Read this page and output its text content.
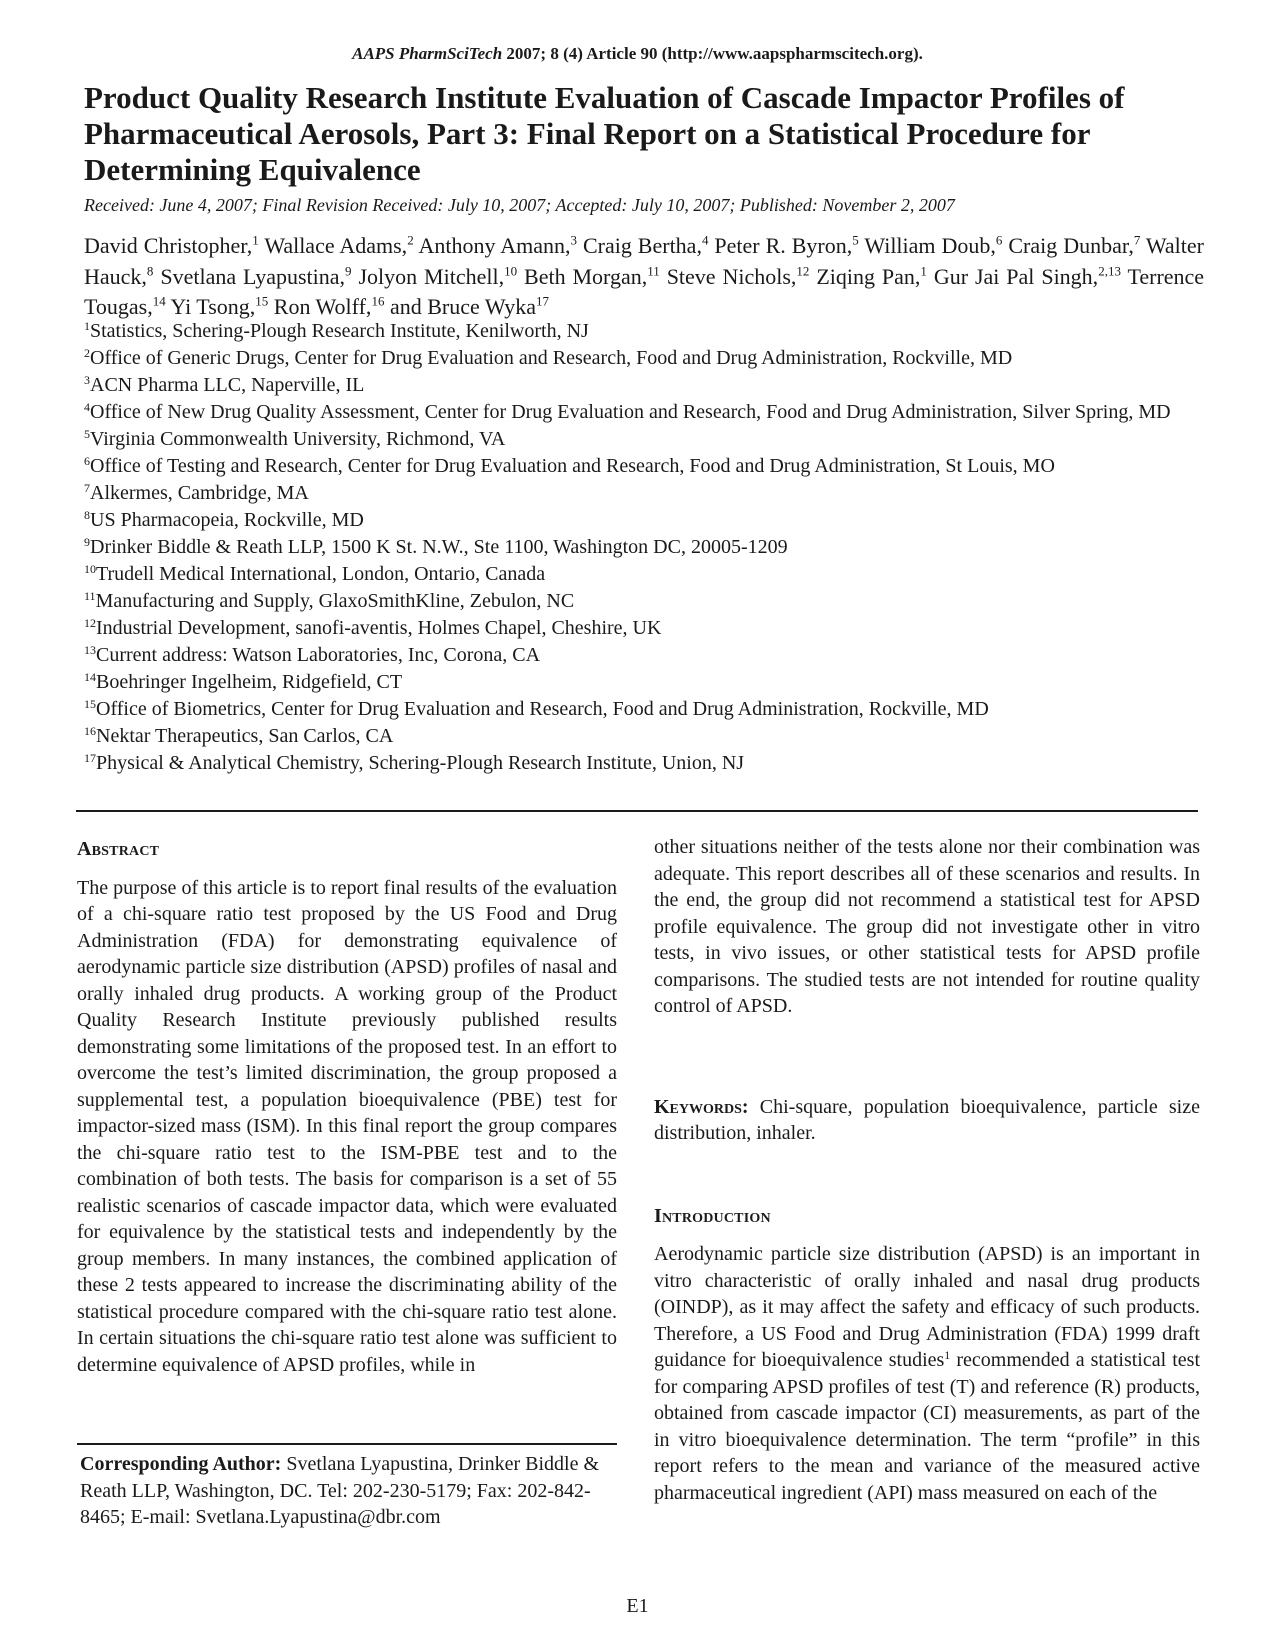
AAPS PharmSciTech 2007; 8 (4) Article 90 (http://www.aapspharmscitech.org).
Product Quality Research Institute Evaluation of Cascade Impactor Profiles of Pharmaceutical Aerosols, Part 3: Final Report on a Statistical Procedure for Determining Equivalence
Received: June 4, 2007; Final Revision Received: July 10, 2007; Accepted: July 10, 2007; Published: November 2, 2007
David Christopher,$^1$ Wallace Adams,$^2$ Anthony Amann,$^3$ Craig Bertha,$^4$ Peter R. Byron,$^5$ William Doub,$^6$ Craig Dunbar,$^7$ Walter Hauck,$^8$ Svetlana Lyapustina,$^9$ Jolyon Mitchell,$^{10}$ Beth Morgan,$^{11}$ Steve Nichols,$^{12}$ Ziqing Pan,$^1$ Gur Jai Pal Singh,$^{2,13}$ Terrence Tougas,$^{14}$ Yi Tsong,$^{15}$ Ron Wolff,$^{16}$ and Bruce Wyka$^{17}$
$^1$Statistics, Schering-Plough Research Institute, Kenilworth, NJ
$^2$Office of Generic Drugs, Center for Drug Evaluation and Research, Food and Drug Administration, Rockville, MD
$^3$ACN Pharma LLC, Naperville, IL
$^4$Office of New Drug Quality Assessment, Center for Drug Evaluation and Research, Food and Drug Administration, Silver Spring, MD
$^5$Virginia Commonwealth University, Richmond, VA
$^6$Office of Testing and Research, Center for Drug Evaluation and Research, Food and Drug Administration, St Louis, MO
$^7$Alkermes, Cambridge, MA
$^8$US Pharmacopeia, Rockville, MD
$^9$Drinker Biddle & Reath LLP, 1500 K St. N.W., Ste 1100, Washington DC, 20005-1209
$^{10}$Trudell Medical International, London, Ontario, Canada
$^{11}$Manufacturing and Supply, GlaxoSmithKline, Zebulon, NC
$^{12}$Industrial Development, sanofi-aventis, Holmes Chapel, Cheshire, UK
$^{13}$Current address: Watson Laboratories, Inc, Corona, CA
$^{14}$Boehringer Ingelheim, Ridgefield, CT
$^{15}$Office of Biometrics, Center for Drug Evaluation and Research, Food and Drug Administration, Rockville, MD
$^{16}$Nektar Therapeutics, San Carlos, CA
$^{17}$Physical & Analytical Chemistry, Schering-Plough Research Institute, Union, NJ
Abstract

The purpose of this article is to report final results of the evaluation of a chi-square ratio test proposed by the US Food and Drug Administration (FDA) for demonstrating equivalence of aerodynamic particle size distribution (APSD) profiles of nasal and orally inhaled drug products. A working group of the Product Quality Research Institute previously published results demonstrating some limitations of the proposed test. In an effort to overcome the test’s limited discrimination, the group proposed a supplemental test, a population bioequivalence (PBE) test for impactor-sized mass (ISM). In this final report the group compares the chi-square ratio test to the ISM-PBE test and to the combination of both tests. The basis for comparison is a set of 55 realistic scenarios of cascade impactor data, which were evaluated for equivalence by the statistical tests and independently by the group members. In many instances, the combined application of these 2 tests appeared to increase the discriminating ability of the statistical procedure compared with the chi-square ratio test alone. In certain situations the chi-square ratio test alone was sufficient to determine equivalence of APSD profiles, while in

Corresponding Author: Svetlana Lyapustina, Drinker Biddle & Reath LLP, Washington, DC. Tel: 202-230-5179; Fax: 202-842-8465; E-mail: Svetlana.Lyapustina@dbr.com

other situations neither of the tests alone nor their combination was adequate. This report describes all of these scenarios and results. In the end, the group did not recommend a statistical test for APSD profile equivalence. The group did not investigate other in vitro tests, in vivo issues, or other statistical tests for APSD profile comparisons. The studied tests are not intended for routine quality control of APSD.

Keywords: Chi-square, population bioequivalence, particle size distribution, inhaler.

Introduction

Aerodynamic particle size distribution (APSD) is an important in vitro characteristic of orally inhaled and nasal drug products (OINDP), as it may affect the safety and efficacy of such products. Therefore, a US Food and Drug Administration (FDA) 1999 draft guidance for bioequivalence studies$^1$ recommended a statistical test for comparing APSD profiles of test (T) and reference (R) products, obtained from cascade impactor (CI) measurements, as part of the in vitro bioequivalence determination. The term “profile” in this report refers to the mean and variance of the measured active pharmaceutical ingredient (API) mass measured on each of the

E1
